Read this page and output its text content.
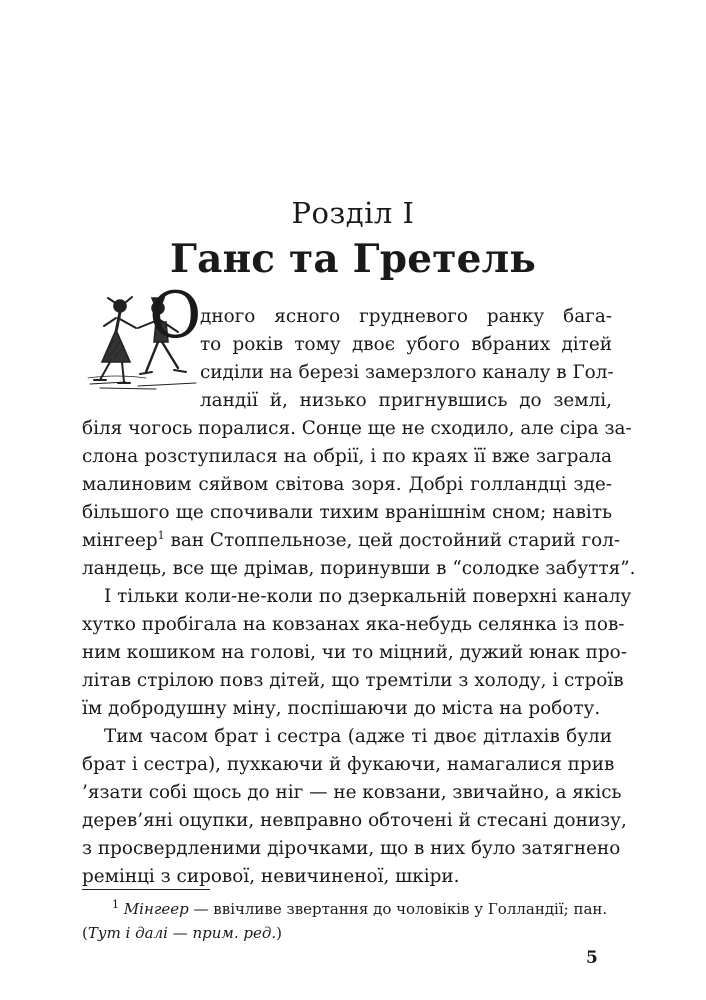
Розділ І
Ганс та Гретель
О
дного ясного грудневого ранку бага-
то років тому двоє убого вбраних дітей
сиділи на березі замерзлого каналу в Гол-
ландії й, низько пригнувшись до землі,
біля чогось поралися. Сонце ще не сходило, але сіра за-
слона розступилася на обрії, і по краях її вже заграла
малиновим сяйвом світова зоря. Добрі голландці зде-
більшого ще спочивали тихим вранішнім сном; навіть
мінгеер$^1$ ван Стоппельнозе, цей достойний старий гол-
ландець, все ще дрімав, поринувши в “солодке забуття”.
І тільки коли-не-коли по дзеркальній поверхні каналу
хутко пробігала на ковзанах яка-небудь селянка із пов-
ним кошиком на голові, чи то міцний, дужий юнак про-
літав стрілою повз дітей, що тремтіли з холоду, і строїв
їм добродушну міну, поспішаючи до міста на роботу.
Тим часом брат і сестра (адже ті двоє дітлахів були
брат і сестра), пухкаючи й фукаючи, намагалися прив
’язати собі щось до ніг — не ковзани, звичайно, а якісь
дерев’яні оцупки, невправно обточені й стесані донизу,
з просвердленими дірочками, що в них було затягнено
ремінці з сирової, невичиненої, шкіри.
$^1$ Мінгеер — ввічливе звертання до чоловіків у Голландії; пан.
(Тут і далі — прим. ред.)
5
